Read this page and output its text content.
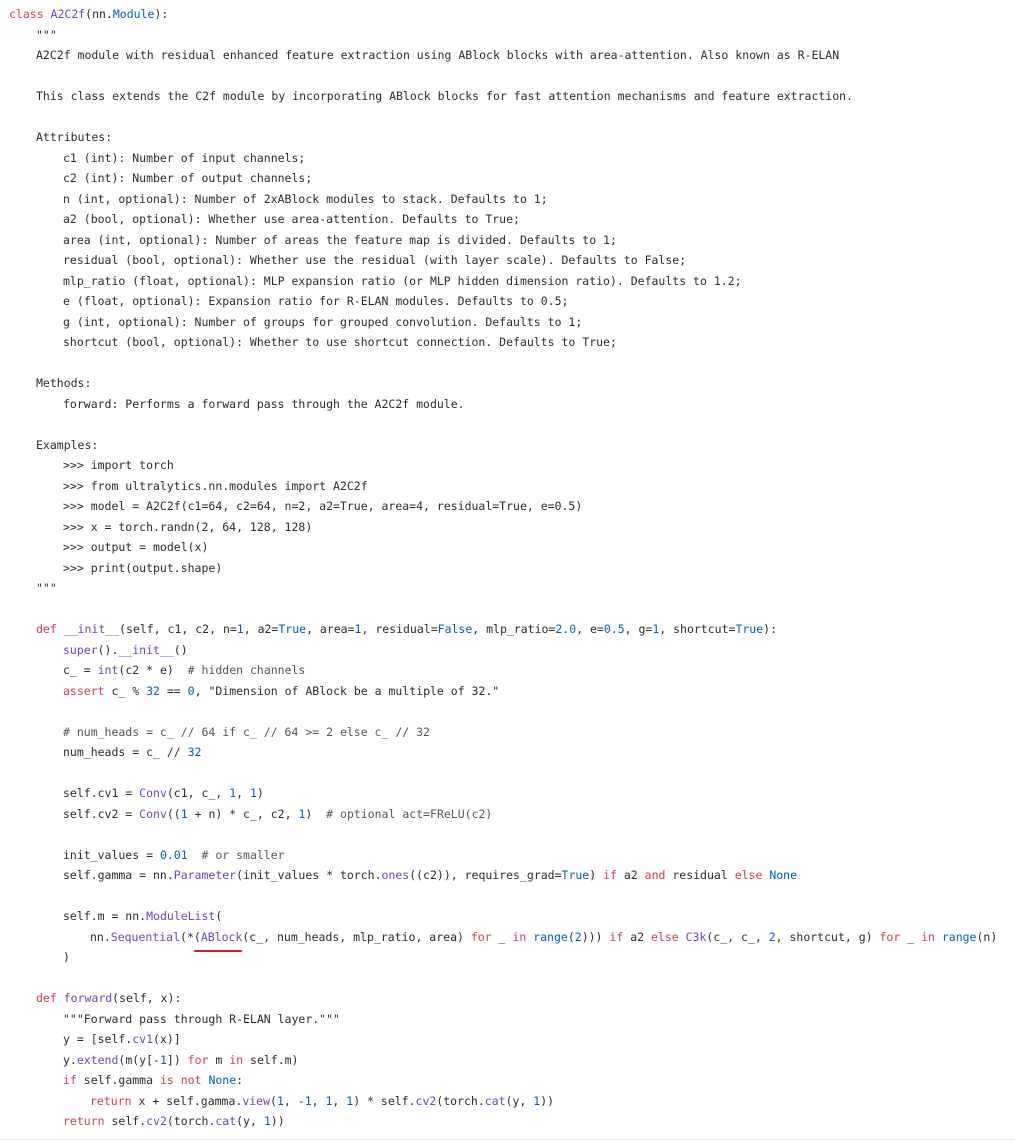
class A2C2f(nn.Module):
"""
A2C2f module with residual enhanced feature extraction using ABlock blocks with area-attention. Also known as R-ELAN
This class extends the C2f module by incorporating ABlock blocks for fast attention mechanisms and feature extraction.
Attributes:
c1 (int): Number of input channels;
c2 (int): Number of output channels;
n (int, optional): Number of 2xABlock modules to stack. Defaults to 1;
a2 (bool, optional): Whether use area-attention. Defaults to True;
area (int, optional): Number of areas the feature map is divided. Defaults to 1;
residual (bool, optional): Whether use the residual (with layer scale). Defaults to False;
mlp_ratio (float, optional): MLP expansion ratio (or MLP hidden dimension ratio). Defaults to 1.2;
e (float, optional): Expansion ratio for R-ELAN modules. Defaults to 0.5;
g (int, optional): Number of groups for grouped convolution. Defaults to 1;
shortcut (bool, optional): Whether to use shortcut connection. Defaults to True;
Methods:
forward: Performs a forward pass through the A2C2f module.
Examples:
>>> import torch
>>> from ultralytics.nn.modules import A2C2f
>>> model = A2C2f(c1=64, c2=64, n=2, a2=True, area=4, residual=True, e=0.5)
>>> x = torch.randn(2, 64, 128, 128)
>>> output = model(x)
>>> print(output.shape)
"""
def __init__(self, c1, c2, n=1, a2=True, area=1, residual=False, mlp_ratio=2.0, e=0.5, g=1, shortcut=True):
super().__init__()
c_ = int(c2 * e)  # hidden channels
assert c_ % 32 == 0, "Dimension of ABlock be a multiple of 32."
# num_heads = c_ // 64 if c_ // 64 >= 2 else c_ // 32
num_heads = c_ // 32
self.cv1 = Conv(c1, c_, 1, 1)
self.cv2 = Conv((1 + n) * c_, c2, 1)  # optional act=FReLU(c2)
init_values = 0.01 # or smaller
self.gamma = nn.Parameter(init_values * torch.ones((c2)), requires_grad=True) if a2 and residual else None
self.m = nn.ModuleList(
nn.Sequential(*(ABlock(c_, num_heads, mlp_ratio, area) for _ in range(2))) if a2 else C3k(c_, c_, 2, shortcut, g) for _ in range(n)
)
def forward(self, x):
"""Forward pass through R-ELAN layer."""
y = [self.cv1(x)]
y.extend(m(y[-1]) for m in self.m)
if self.gamma is not None:
return x + self.gamma.view(1, -1, 1, 1) * self.cv2(torch.cat(y, 1))
return self.cv2(torch.cat(y, 1))
